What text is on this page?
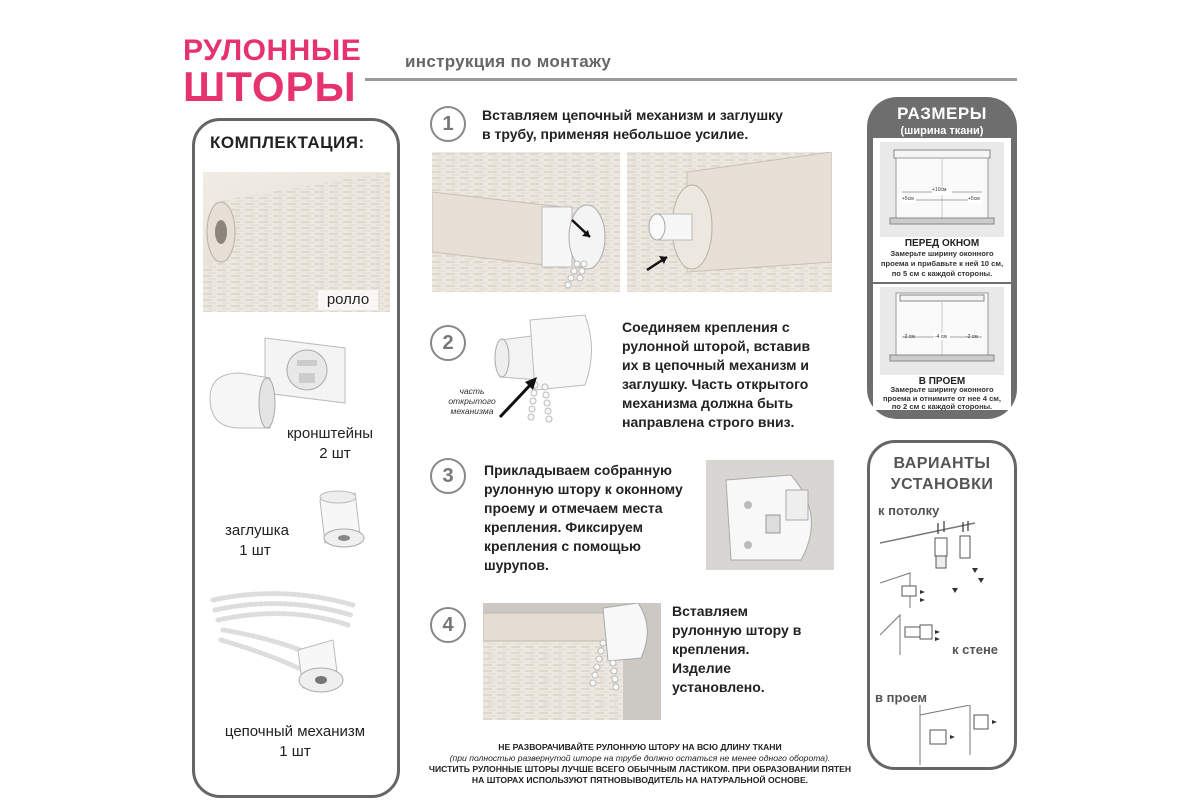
РУЛОННЫЕ
ШТОРЫ
инструкция по монтажу
КОМПЛЕКТАЦИЯ:
ролло
кронштейны
2 шт
заглушка
1 шт
цепочный механизм
1 шт
1	Вставляем цепочный механизм и заглушку
в трубу, применяя небольшое усилие.
2
часть
открытого
механизма
Соединяем крепления с
рулонной шторой, вставив
их в цепочный механизм и
заглушку. Часть открытого
механизма должна быть
направлена строго вниз.
3	Прикладываем собранную
рулонную штору к оконному
проему и отмечаем места
крепления. Фиксируем
крепления с помощью
шурупов.
4
Вставляем
рулонную штору в
крепления.
Изделие
установлено.
РАЗМЕРЫ
(ширина ткани)
+10см
+5см	+5см
ПЕРЕД ОКНОМ
Замерьте ширину оконного
проема и прибавьте к ней 10 см,
по 5 см с каждой стороны.
-4 см
-2 см	-2 см
В ПРОЕМ
Замерьте ширину оконного
проема и отнимите от нее 4 см,
по 2 см с каждой стороны.
ВАРИАНТЫ
УСТАНОВКИ
к потолку
к стене
в проем
НЕ РАЗВОРАЧИВАЙТЕ РУЛОННУЮ ШТОРУ НА ВСЮ ДЛИНУ ТКАНИ
(при полностью развернутой шторе на трубе должно остаться не менее одного оборота).
ЧИСТИТЬ РУЛОННЫЕ ШТОРЫ ЛУЧШЕ ВСЕГО ОБЫЧНЫМ ЛАСТИКОМ. ПРИ ОБРАЗОВАНИИ ПЯТЕН
НА ШТОРАХ ИСПОЛЬЗУЮТ ПЯТНОВЫВОДИТЕЛЬ НА НАТУРАЛЬНОЙ ОСНОВЕ.
